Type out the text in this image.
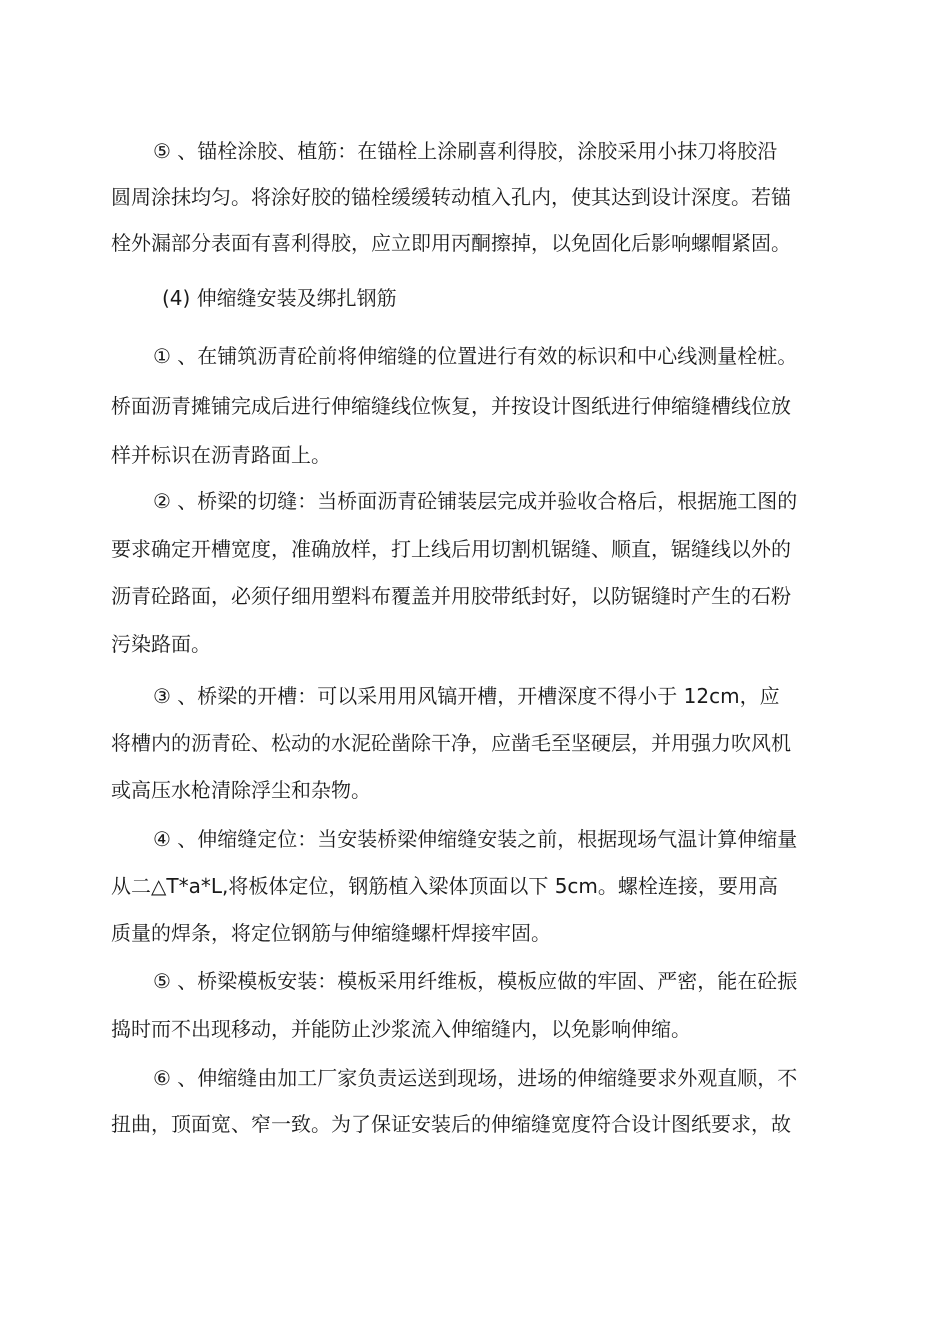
⑤ 、锚栓涂胶、植筋：在锚栓上涂刷喜利得胶，涂胶采用小抹刀将胶沿
圆周涂抹均匀。将涂好胶的锚栓缓缓转动植入孔内，使其达到设计深度。若锚
栓外漏部分表面有喜利得胶，应立即用丙酮擦掉，以免固化后影响螺帽紧固。
(4) 伸缩缝安装及绑扎钢筋
① 、在铺筑沥青砼前将伸缩缝的位置进行有效的标识和中心线测量栓桩。
桥面沥青摊铺完成后进行伸缩缝线位恢复，并按设计图纸进行伸缩缝槽线位放
样并标识在沥青路面上。
② 、桥梁的切缝：当桥面沥青砼铺装层完成并验收合格后，根据施工图的
要求确定开槽宽度，准确放样，打上线后用切割机锯缝、顺直，锯缝线以外的
沥青砼路面，必须仔细用塑料布覆盖并用胶带纸封好，以防锯缝时产生的石粉
污染路面。
③ 、桥梁的开槽：可以采用用风镐开槽，开槽深度不得小于 12cm，应
将槽内的沥青砼、松动的水泥砼凿除干净，应凿毛至坚硬层，并用强力吹风机
或高压水枪清除浮尘和杂物。
④ 、伸缩缝定位：当安装桥梁伸缩缝安装之前，根据现场气温计算伸缩量
从二△T*a*L,将板体定位，钢筋植入梁体顶面以下 5cm。螺栓连接，要用高
质量的焊条，将定位钢筋与伸缩缝螺杆焊接牢固。
⑤ 、桥梁模板安装：模板采用纤维板，模板应做的牢固、严密，能在砼振
捣时而不出现移动，并能防止沙浆流入伸缩缝内，以免影响伸缩。
⑥ 、伸缩缝由加工厂家负责运送到现场，进场的伸缩缝要求外观直顺，不
扭曲，顶面宽、窄一致。为了保证安装后的伸缩缝宽度符合设计图纸要求，故
